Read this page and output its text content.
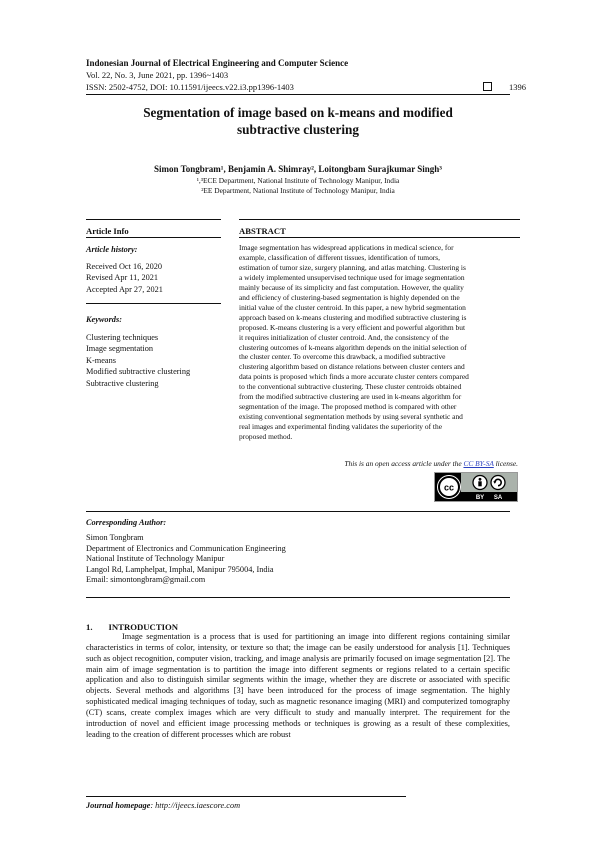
Indonesian Journal of Electrical Engineering and Computer Science
Vol. 22, No. 3, June 2021, pp. 1396~1403
ISSN: 2502-4752, DOI: 10.11591/ijeecs.v22.i3.pp1396-1403	1396
Segmentation of image based on k-means and modified
subtractive clustering
Simon Tongbram¹, Benjamin A. Shimray², Loitongbam Surajkumar Singh³
¹,³ECE Department, National Institute of Technology Manipur, India
²EE Department, National Institute of Technology Manipur, India
Article Info	ABSTRACT
Article history:
Received Oct 16, 2020
Revised Apr 11, 2021
Accepted Apr 27, 2021
Keywords:
Clustering techniques
Image segmentation
K-means
Modified subtractive clustering
Subtractive clustering
Image segmentation has widespread applications in medical science, for
example, classification of different tissues, identification of tumors,
estimation of tumor size, surgery planning, and atlas matching. Clustering is
a widely implemented unsupervised technique used for image segmentation
mainly because of its simplicity and fast computation. However, the quality
and efficiency of clustering-based segmentation is highly depended on the
initial value of the cluster centroid. In this paper, a new hybrid segmentation
approach based on k-means clustering and modified subtractive clustering is
proposed. K-means clustering is a very efficient and powerful algorithm but
it requires initialization of cluster centroid. And, the consistency of the
clustering outcomes of k-means algorithm depends on the initial selection of
the cluster center. To overcome this drawback, a modified subtractive
clustering algorithm based on distance relations between cluster centers and
data points is proposed which finds a more accurate cluster centers compared
to the conventional subtractive clustering. These cluster centroids obtained
from the modified subtractive clustering are used in k-means algorithm for
segmentation of the image. The proposed method is compared with other
existing conventional segmentation methods by using several synthetic and
real images and experimental finding validates the superiority of the
proposed method.
This is an open access article under the CC BY-SA license.
cc
BY SA
Corresponding Author:
Simon Tongbram
Department of Electronics and Communication Engineering
National Institute of Technology Manipur
Langol Rd, Lamphelpat, Imphal, Manipur 795004, India
Email: simontongbram@gmail.com
1. INTRODUCTION

Image segmentation is a process that is used for partitioning an image into different regions containing similar characteristics in terms of color, intensity, or texture so that; the image can be easily understood for analysis [1]. Techniques such as object recognition, computer vision, tracking, and image analysis are primarily focused on image segmentation [2]. The main aim of image segmentation is to partition the image into different segments or regions related to a certain specific application and also to distinguish similar segments within the image, whether they are discrete or associated with specific objects. Several methods and algorithms [3] have been introduced for the process of image segmentation. The highly sophisticated medical imaging techniques of today, such as magnetic resonance imaging (MRI) and computerized tomography (CT) scans, create complex images which are very difficult to study and manually interpret. The requirement for the introduction of novel and efficient image processing methods or techniques is growing as a result of these complexities, leading to the creation of different processes which are robust

Journal homepage: http://ijeecs.iaescore.com
